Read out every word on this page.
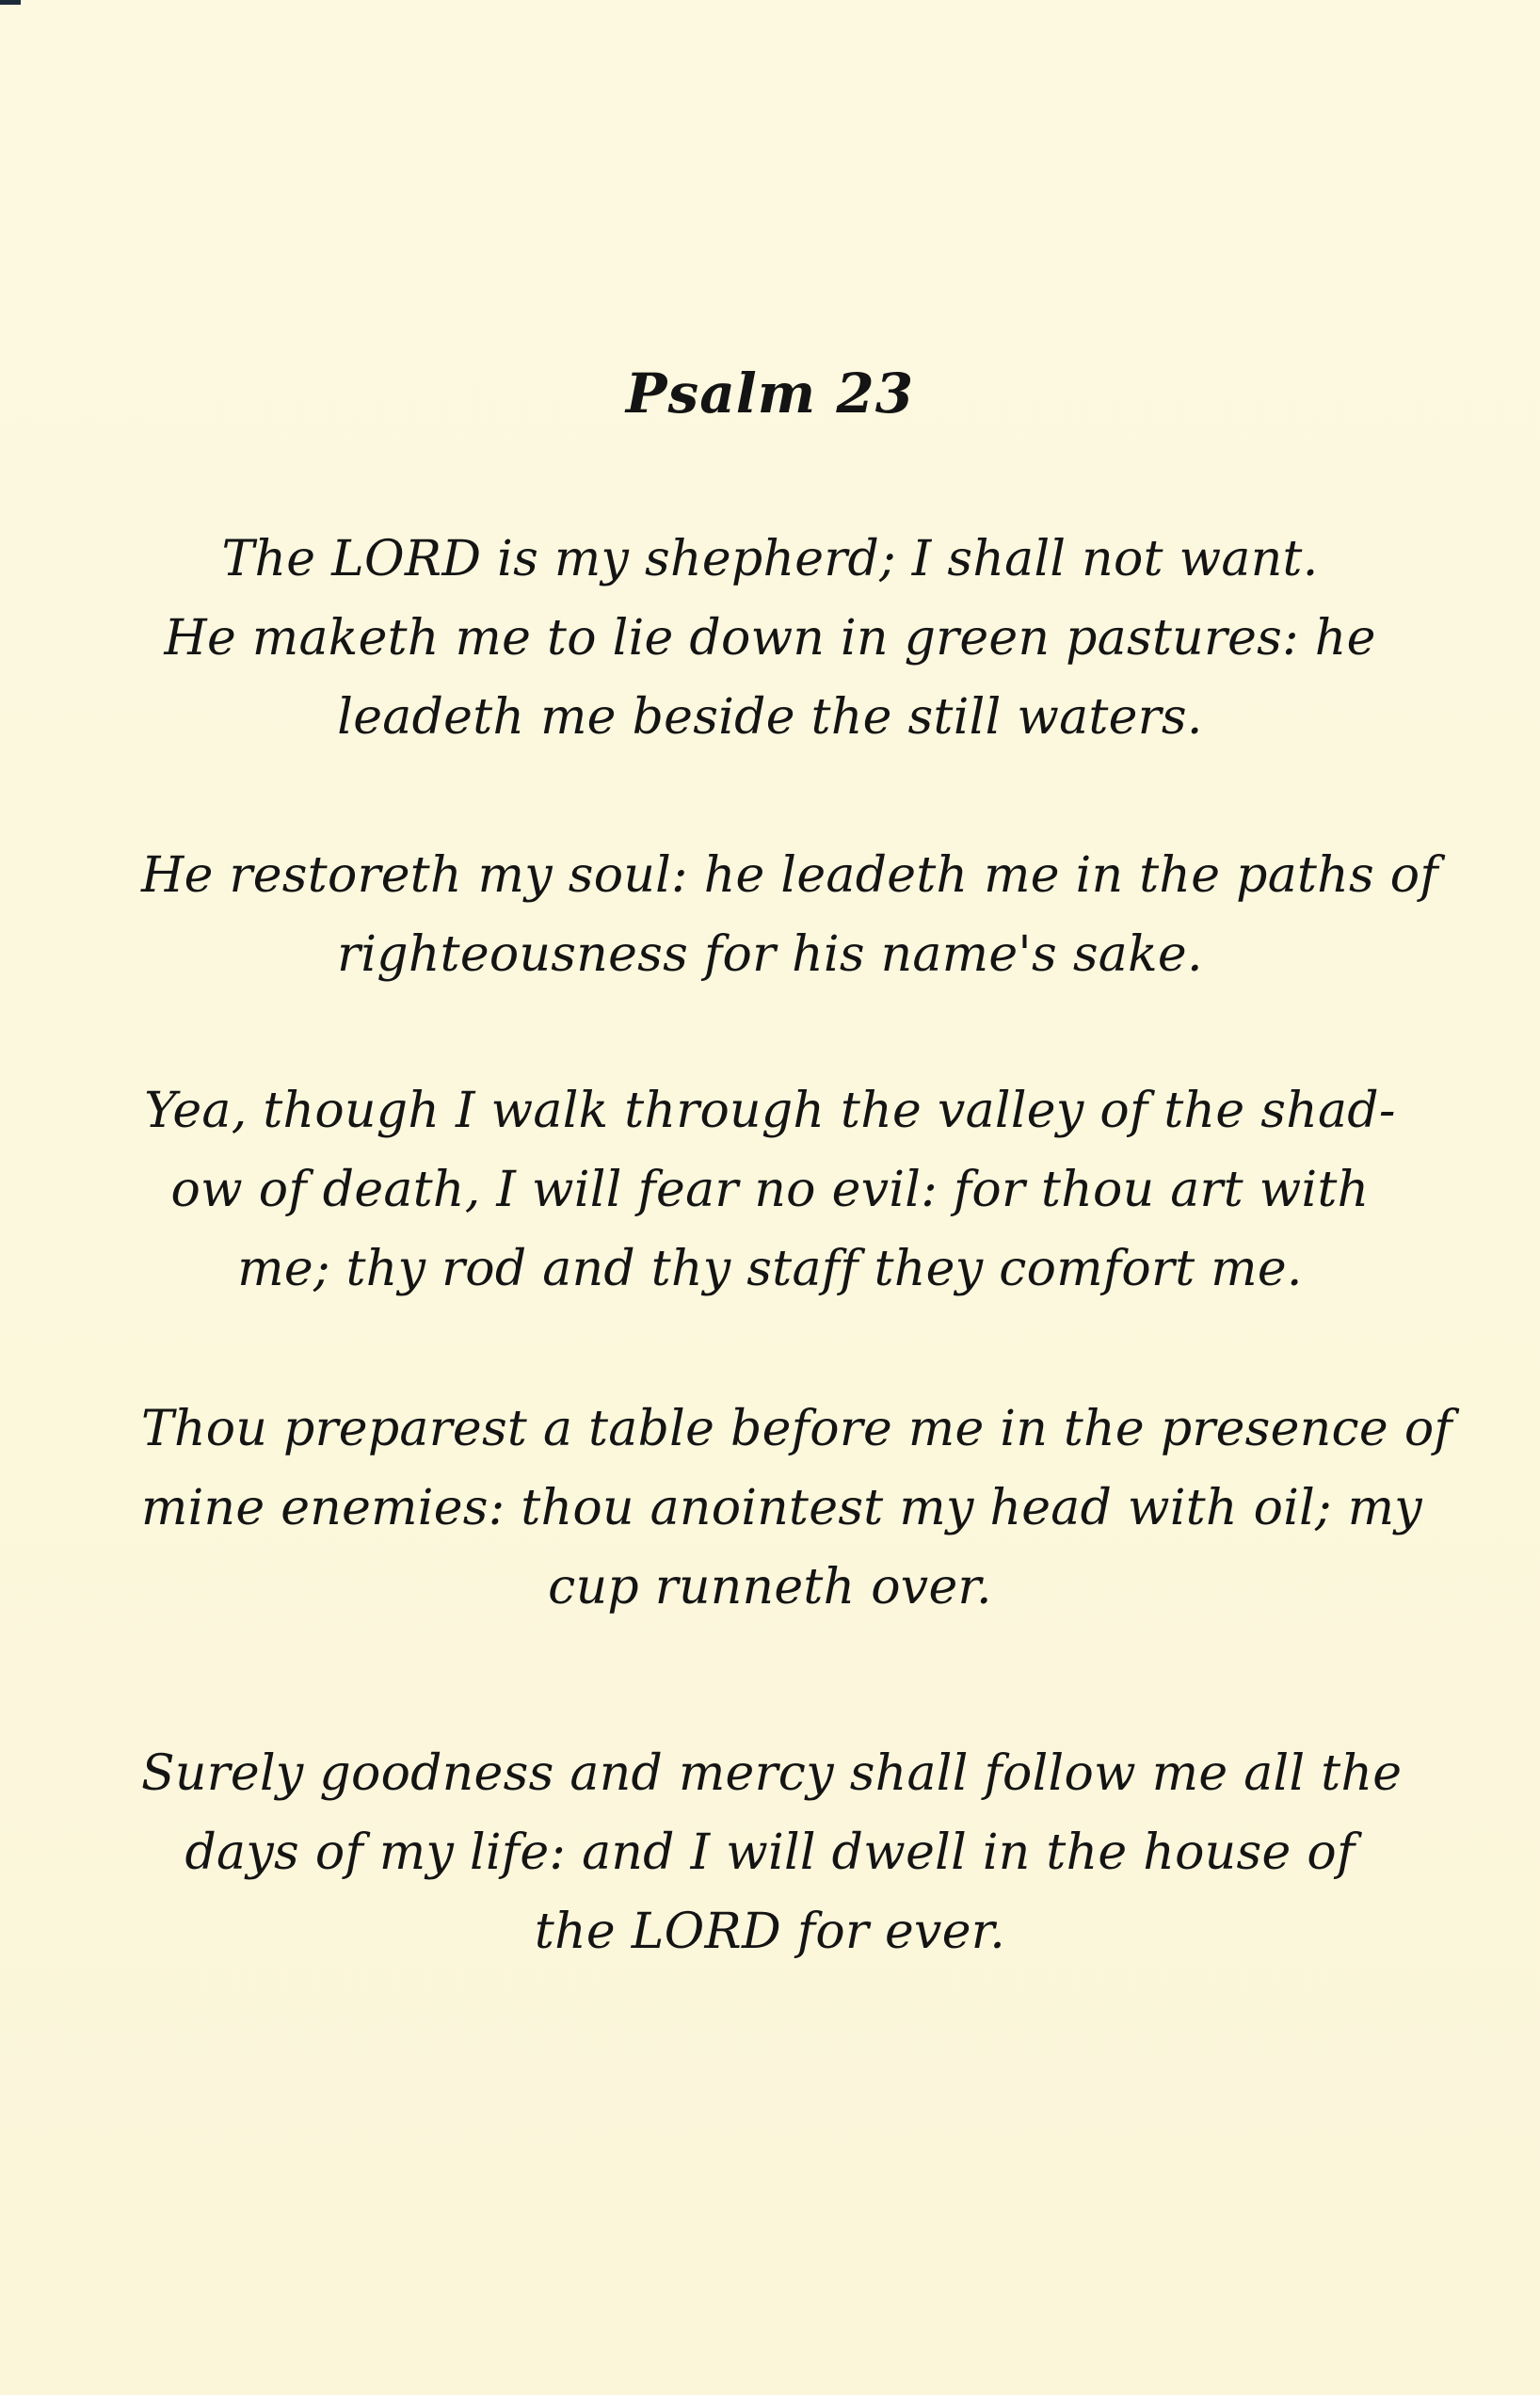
Psalm 23
The LORD is my shepherd; I shall not want.
He maketh me to lie down in green pastures: he
leadeth me beside the still waters.
He restoreth my soul: he leadeth me in the paths of
righteousness for his name's sake.
Yea, though I walk through the valley of the shad-
ow of death, I will fear no evil: for thou art with
me; thy rod and thy staff they comfort me.
Thou preparest a table before me in the presence of
mine enemies: thou anointest my head with oil; my
cup runneth over.
Surely goodness and mercy shall follow me all the
days of my life: and I will dwell in the house of
the LORD for ever.
